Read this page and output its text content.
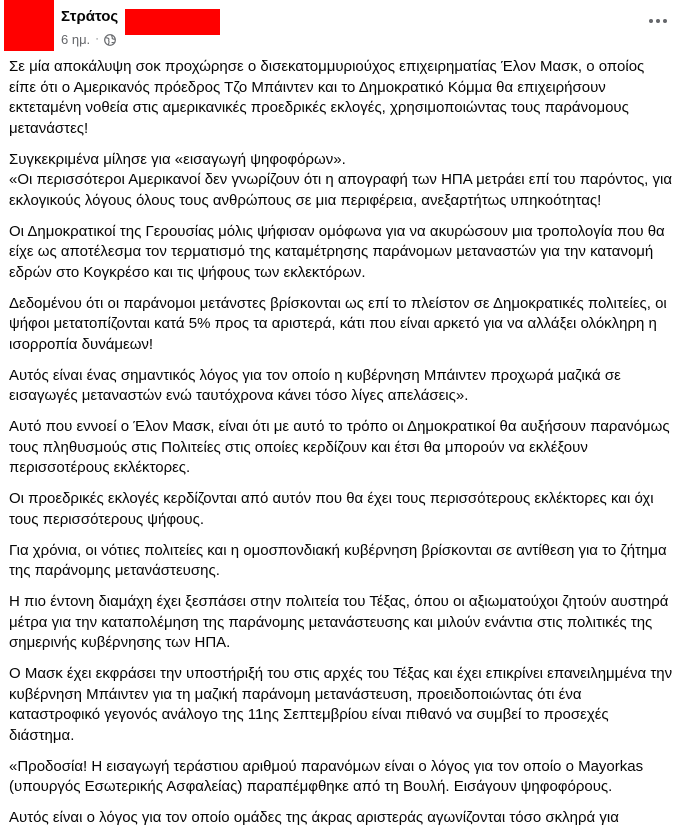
Στράτος
6 ημ. ·

Σε μία αποκάλυψη σοκ προχώρησε ο δισεκατομμυριούχος επιχειρηματίας Έλον Μασκ, ο οποίος είπε ότι ο Αμερικανός πρόεδρος Τζο Μπάιντεν και το Δημοκρατικό Κόμμα θα επιχειρήσουν εκτεταμένη νοθεία στις αμερικανικές προεδρικές εκλογές, χρησιμοποιώντας τους παράνομους μετανάστες!

Συγκεκριμένα μίλησε για «εισαγωγή ψηφοφόρων».
«Οι περισσότεροι Αμερικανοί δεν γνωρίζουν ότι η απογραφή των ΗΠΑ μετράει επί του παρόντος, για εκλογικούς λόγους όλους τους ανθρώπους σε μια περιφέρεια, ανεξαρτήτως υπηκοότητας!

Οι Δημοκρατικοί της Γερουσίας μόλις ψήφισαν ομόφωνα για να ακυρώσουν μια τροπολογία που θα είχε ως αποτέλεσμα τον τερματισμό της καταμέτρησης παράνομων μεταναστών για την κατανομή εδρών στο Κογκρέσο και τις ψήφους των εκλεκτόρων.

Δεδομένου ότι οι παράνομοι μετάνστες βρίσκονται ως επί το πλείστον σε Δημοκρατικές πολιτείες, οι ψήφοι μετατοπίζονται κατά 5% προς τα αριστερά, κάτι που είναι αρκετό για να αλλάξει ολόκληρη η ισορροπία δυνάμεων!

Αυτός είναι ένας σημαντικός λόγος για τον οποίο η κυβέρνηση Μπάιντεν προχωρά μαζικά σε εισαγωγές μεταναστών ενώ ταυτόχρονα κάνει τόσο λίγες απελάσεις».

Αυτό που εννοεί ο Έλον Μασκ, είναι ότι με αυτό το τρόπο οι Δημοκρατικοί θα αυξήσουν παρανόμως τους πληθυσμούς στις Πολιτείες στις οποίες κερδίζουν και έτσι θα μπορούν να εκλέξουν περισσοτέρους εκλέκτορες.

Οι προεδρικές εκλογές κερδίζονται από αυτόν που θα έχει τους περισσότερους εκλέκτορες και όχι τους περισσότερους ψήφους.

Για χρόνια, οι νότιες πολιτείες και η ομοσπονδιακή κυβέρνηση βρίσκονται σε αντίθεση για το ζήτημα της παράνομης μετανάστευσης.

Η πιο έντονη διαμάχη έχει ξεσπάσει στην πολιτεία του Τέξας, όπου οι αξιωματούχοι ζητούν αυστηρά μέτρα για την καταπολέμηση της παράνομης μετανάστευσης και μιλούν ενάντια στις πολιτικές της σημερινής κυβέρνησης των ΗΠΑ.

Ο Μασκ έχει εκφράσει την υποστήριξή του στις αρχές του Τέξας και έχει επικρίνει επανειλημμένα την κυβέρνηση Μπάιντεν για τη μαζική παράνομη μετανάστευση, προειδοποιώντας ότι ένα καταστροφικό γεγονός ανάλογο της 11ης Σεπτεμβρίου είναι πιθανό να συμβεί το προσεχές διάστημα.

«Προδοσία! Η εισαγωγή τεράστιου αριθμού παρανόμων είναι ο λόγος για τον οποίο ο Mayorkas (υπουργός Εσωτερικής Ασφαλείας) παραπέμφθηκε από τη Βουλή. Εισάγουν ψηφοφόρους.

Αυτός είναι ο λόγος για τον οποίο ομάδες της άκρας αριστεράς αγωνίζονται τόσο σκληρά για
